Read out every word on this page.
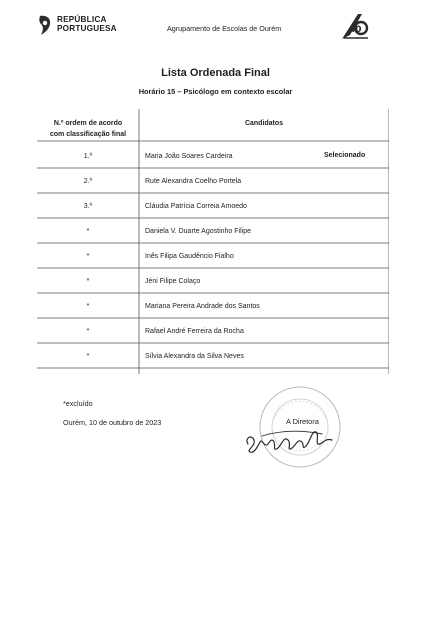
REPÚBLICA
PORTUGUESA	Agrupamento de Escolas de Ourém	40
Lista Ordenada Final
Horário 15 – Psicólogo em contexto escolar
N.º ordem de acordo
com classificação final
Candidatos
1.º	Maria João Soares Cardeira	Selecionado
2.º	Rute Alexandra Coelho Portela
3.º	Cláudia Patrícia Correia Amoedo
*	Daniela V. Duarte Agostinho Filipe
*	Inês Filipa Gaudêncio Fialho
*	Jéni Filipe Colaço
*	Mariana Pereira Andrade dos Santos
*	Rafael André Ferreira da Rocha
*	Sílvia Alexandra da Silva Neves
*excluído
Ourém, 10 de outubro de 2023	A Diretora
